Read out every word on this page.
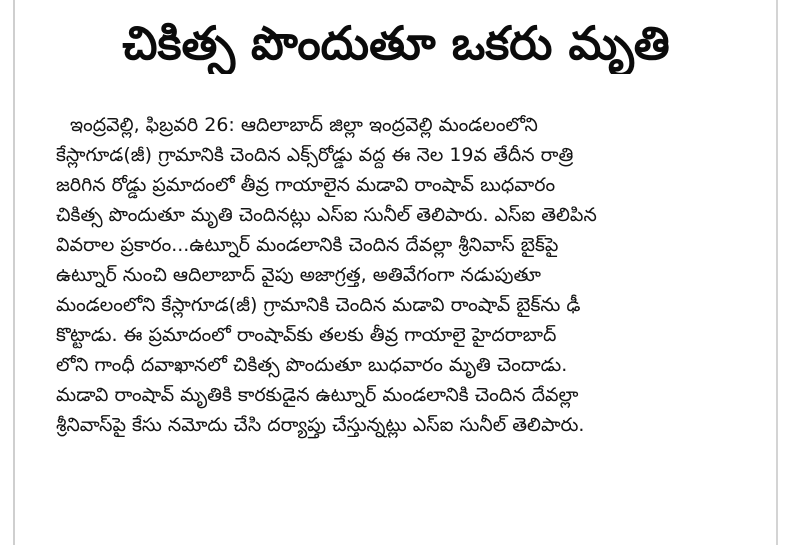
చికిత్స పొందుతూ ఒకరు మృతి
ఇంద్రవెల్లి, ఫిబ్రవరి 26: ఆదిలాబాద్ జిల్లా ఇంద్రవెల్లి మండలంలోని
కేస్లాగూడ(జీ) గ్రామానికి చెందిన ఎక్స్‌రోడ్డు వద్ద ఈ నెల 19వ తేదీన రాత్రి
జరిగిన రోడ్డు ప్రమాదంలో తీవ్ర గాయాలైన మడావి రాంషావ్ బుధవారం
చికిత్స పొందుతూ మృతి చెందినట్లు ఎస్ఐ సునీల్ తెలిపారు. ఎస్ఐ తెలిపిన
వివరాల ప్రకారం...ఉట్నూర్ మండలానికి చెందిన దేవల్లా శ్రీనివాస్ బైక్‌పై
ఉట్నూర్ నుంచి ఆదిలాబాద్ వైపు అజాగ్రత్త, అతివేగంగా నడుపుతూ
మండలంలోని కేస్లాగూడ(జీ) గ్రామానికి చెందిన మడావి రాంషావ్ బైక్‌ను ఢీ
కొట్టాడు. ఈ ప్రమాదంలో రాంషావ్‌కు తలకు తీవ్ర గాయాలై హైదరాబాద్
లోని గాంధీ దవాఖానలో చికిత్స పొందుతూ బుధవారం మృతి చెందాడు.
మడావి రాంషావ్ మృతికి కారకుడైన ఉట్నూర్ మండలానికి చెందిన దేవల్లా
శ్రీనివాస్‌పై కేసు నమోదు చేసి దర్యాప్తు చేస్తున్నట్లు ఎస్ఐ సునీల్ తెలిపారు.
